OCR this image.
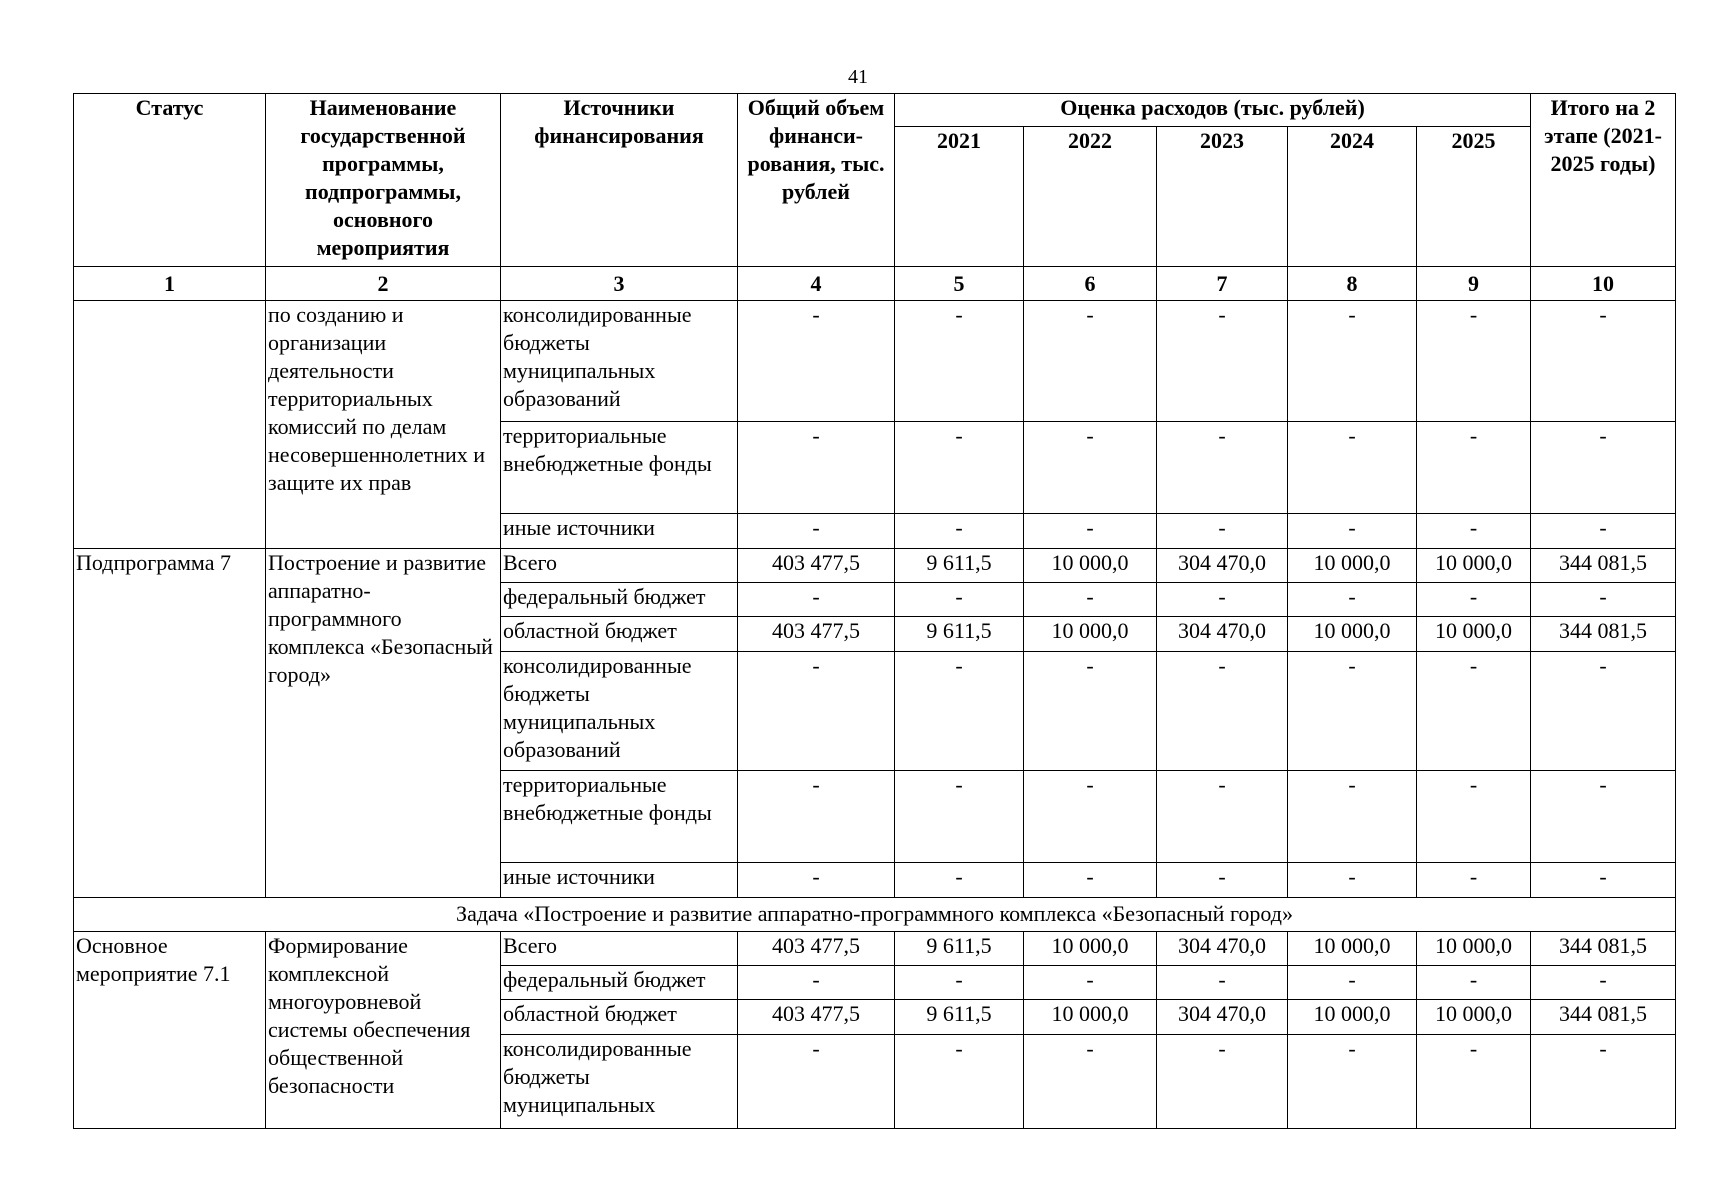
41
Статус	Наименование государственной программы, подпрограммы, основного мероприятия	Источники финансирования	Общий объем финанси-рования, тыс. рублей	Оценка расходов (тыс. рублей)					Итого на 2 этапе (2021-2025 годы)
				2021	2022	2023	2024	2025	
1	2	3	4	5	6	7	8	9	10
	по созданию и организации деятельности территориальных комиссий по делам несовершеннолетних и защите их прав	консолидированные бюджеты муниципальных образований	-	-	-	-	-	-	-
		территориальные внебюджетные фонды	-	-	-	-	-	-	-
		иные источники	-	-	-	-	-	-	-
Подпрограмма 7	Построение и развитие аппаратно-программного комплекса «Безопасный город»	Всего	403 477,5	9 611,5	10 000,0	304 470,0	10 000,0	10 000,0	344 081,5
		федеральный бюджет	-	-	-	-	-	-	-
		областной бюджет	403 477,5	9 611,5	10 000,0	304 470,0	10 000,0	10 000,0	344 081,5
		консолидированные бюджеты муниципальных образований	-	-	-	-	-	-	-
		территориальные внебюджетные фонды	-	-	-	-	-	-	-
		иные источники	-	-	-	-	-	-	-
Задача «Построение и развитие аппаратно-программного комплекса «Безопасный город»									
Основное мероприятие 7.1	Формирование комплексной многоуровневой системы обеспечения общественной безопасности	Всего	403 477,5	9 611,5	10 000,0	304 470,0	10 000,0	10 000,0	344 081,5
		федеральный бюджет	-	-	-	-	-	-	-
		областной бюджет	403 477,5	9 611,5	10 000,0	304 470,0	10 000,0	10 000,0	344 081,5
		консолидированные бюджеты муниципальных	-	-	-	-	-	-	-
